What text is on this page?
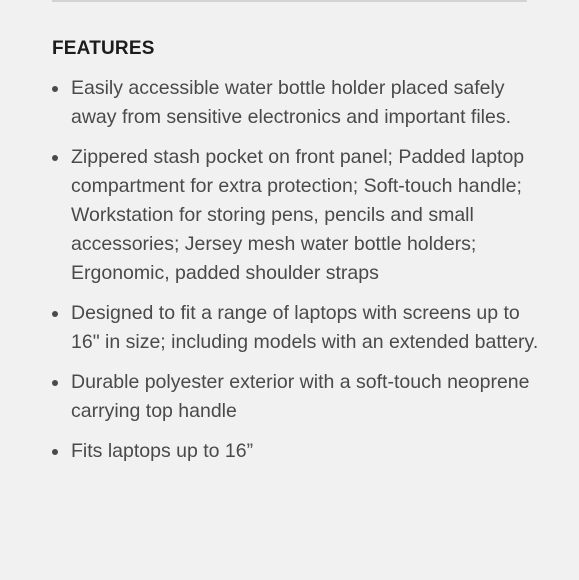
FEATURES
Easily accessible water bottle holder placed safely away from sensitive electronics and important files.
Zippered stash pocket on front panel; Padded laptop compartment for extra protection; Soft-touch handle; Workstation for storing pens, pencils and small accessories; Jersey mesh water bottle holders; Ergonomic, padded shoulder straps
Designed to fit a range of laptops with screens up to 16" in size; including models with an extended battery.
Durable polyester exterior with a soft-touch neoprene carrying top handle
Fits laptops up to 16”
